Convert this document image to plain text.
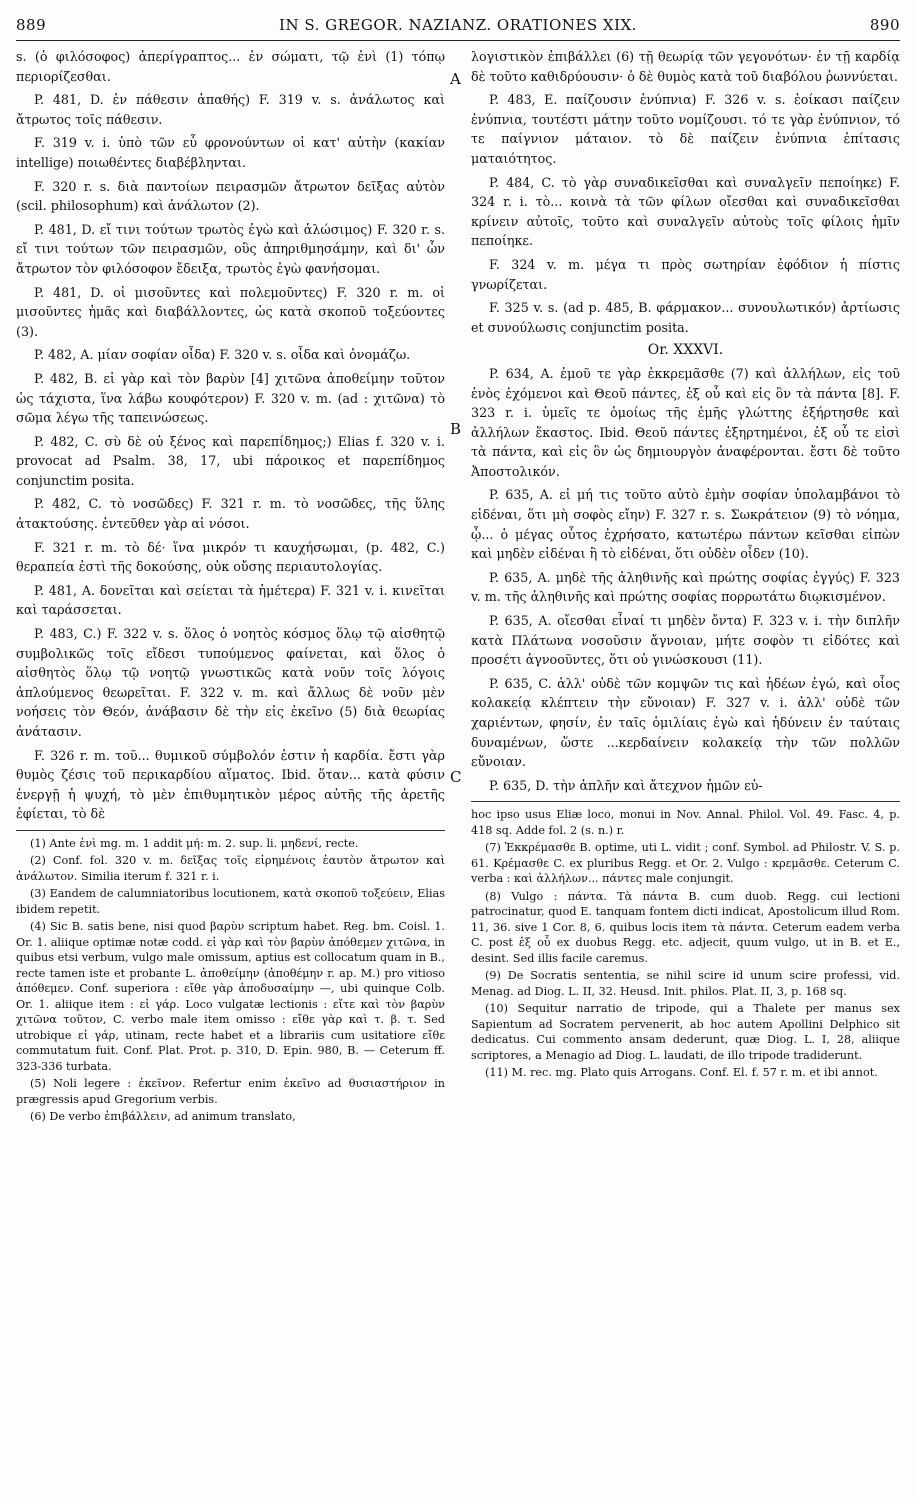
889	IN S. GREGOR. NAZIANZ. ORATIONES XIX.	890
A
B
C

s. (ὁ φιλόσοφος) ἀπερίγραπτος... ἐν σώματι, τῷ ἐνὶ (1) τόπῳ περιορίζεσθαι.

P. 481, D. ἐν πάθεσιν ἀπαθής) F. 319 v. s. ἀνάλωτος καὶ ἄτρωτος τοῖς πάθεσιν.

F. 319 v. i. ὑπὸ τῶν εὖ φρονούντων οἱ κατ' αὐτὴν (κακίαν intellige) ποιωθέντες διαβέβληνται.

F. 320 r. s. διὰ παντοίων πειρασμῶν ἄτρωτον δεῖξας αὐτὸν (scil. philosophum) καὶ ἀνάλωτον (2).

P. 481, D. εἴ τινι τούτων τρωτὸς ἐγὼ καὶ ἁλώσιμος) F. 320 r. s. εἴ τινι τούτων τῶν πειρασμῶν, οὓς ἀπηριθμησάμην, καὶ δι' ὧν ἄτρωτον τὸν φιλόσοφον ἔδειξα, τρωτὸς ἐγὼ φανήσομαι.

P. 481, D. οἱ μισοῦντες καὶ πολεμοῦντες) F. 320 r. m. οἱ μισοῦντες ἡμᾶς καὶ διαβάλλοντες, ὡς κατὰ σκοποῦ τοξεύοντες (3).

P. 482, A. μίαν σοφίαν οἶδα) F. 320 v. s. οἶδα καὶ ὀνομάζω.

P. 482, B. εἰ γὰρ καὶ τὸν βαρὺν [4] χιτῶνα ἀποθείμην τοῦτον ὡς τάχιστα, ἵνα λάβω κουφότερον) F. 320 v. m. (ad : χιτῶνα) τὸ σῶμα λέγω τῆς ταπεινώσεως.

P. 482, C. σὺ δὲ οὐ ξένος καὶ παρεπίδημος;) Elias f. 320 v. i. provocat ad Psalm. 38, 17, ubi πάροικος et παρεπίδημος conjunctim posita.

P. 482, C. τὸ νοσῶδες) F. 321 r. m. τὸ νοσῶδες, τῆς ὕλης ἀτακτούσης. ἐντεῦθεν γὰρ αἱ νόσοι.

F. 321 r. m. τὸ δέ· ἵνα μικρόν τι καυχήσωμαι, (p. 482, C.) θεραπεία ἐστὶ τῆς δοκούσης, οὐκ οὔσης περιαυτολογίας.

P. 481, A. δονεῖται καὶ σείεται τὰ ἡμέτερα) F. 321 v. i. κινεῖται καὶ ταράσσεται.

P. 483, C.) F. 322 v. s. ὅλος ὁ νοητὸς κόσμος ὅλῳ τῷ αἰσθητῷ συμβολικῶς τοῖς εἴδεσι τυπούμενος φαίνεται, καὶ ὅλος ὁ αἰσθητὸς ὅλῳ τῷ νοητῷ γνωστικῶς κατὰ νοῦν τοῖς λόγοις ἁπλούμενος θεωρεῖται. F. 322 v. m. καὶ ἄλλως δὲ νοῦν μὲν νοήσεις τὸν Θεόν, ἀνάβασιν δὲ τὴν εἰς ἐκεῖνο (5) διὰ θεωρίας ἀνάτασιν.

F. 326 r. m. τοῦ... θυμικοῦ σύμβολόν ἐστιν ἡ καρδία. ἔστι γὰρ θυμὸς ζέσις τοῦ περικαρδίου αἵματος. Ibid. ὅταν... κατὰ φύσιν ἐνεργῇ ἡ ψυχή, τὸ μὲν ἐπιθυμητικὸν μέρος αὐτῆς τῆς ἀρετῆς ἐφίεται, τὸ δὲ

(1) Ante ἐνὶ mg. m. 1 addit μή: m. 2. sup. li. μηδενί, recte.
(2) Conf. fol. 320 v. m. δεῖξας τοῖς εἰρημένοις ἑαυτὸν ἄτρωτον καὶ ἀνάλωτον. Similia iterum f. 321 r. i.
(3) Eandem de calumniatoribus locutionem, κατὰ σκοποῦ τοξεύειν, Elias ibidem repetit.
(4) Sic B. satis bene, nisi quod βαρὺν scriptum habet. Reg. bm. Coisl. 1. Or. 1. aliique optimæ notæ codd. εἰ γὰρ καὶ τὸν βαρὺν ἀπόθεμεν χιτῶνα, in quibus etsi verbum, vulgo male omissum, aptius est collocatum quam in B., recte tamen iste et probante L. ἀποθείμην (ἀποθέμην r. ap. M.) pro vitioso ἀπόθεμεν. Conf. superiora : εἴθε γὰρ ἀποδυσαίμην —, ubi quinque Colb. Or. 1. aliique item : εἰ γάρ. Loco vulgatæ lectionis : εἴτε καὶ τὸν βαρὺν χιτῶνα τοῦτον, C. verbo male item omisso : εἴθε γὰρ καὶ τ. β. τ. Sed utrobique εἰ γάρ, utinam, recte habet et a librariis cum usitatiore εἴθε commutatum fuit. Conf. Plat. Prot. p. 310, D. Epin. 980, B. — Ceterum ff. 323-336 turbata.
(5) Noli legere : ἐκεῖνον. Refertur enim ἐκεῖνο ad θυσιαστήριον in prægressis apud Gregorium verbis.
(6) De verbo ἐπιβάλλειν, ad animum translato,

λογιστικὸν ἐπιβάλλει (6) τῇ θεωρίᾳ τῶν γεγονότων· ἐν τῇ καρδίᾳ δὲ τοῦτο καθιδρύουσιν· ὁ δὲ θυμὸς κατὰ τοῦ διαβόλου ῥωννύεται.

P. 483, E. παίζουσιν ἐνύπνια) F. 326 v. s. ἐοίκασι παίζειν ἐνύπνια, τουτέστι μάτην τοῦτο νομίζουσι. τό τε γὰρ ἐνύπνιον, τό τε παίγνιον μάταιον. τὸ δὲ παίζειν ἐνύπνια ἐπίτασις ματαιότητος.

P. 484, C. τὸ γὰρ συναδικεῖσθαι καὶ συναλγεῖν πεποίηκε) F. 324 r. i. τὸ... κοινὰ τὰ τῶν φίλων οἴεσθαι καὶ συναδικεῖσθαι κρίνειν αὐτοῖς, τοῦτο καὶ συναλγεῖν αὐτοὺς τοῖς φίλοις ἡμῖν πεποίηκε.

F. 324 v. m. μέγα τι πρὸς σωτηρίαν ἐφόδιον ἡ πίστις γνωρίζεται.

F. 325 v. s. (ad p. 485, B. φάρμακον... συνουλωτικόν) ἀρτίωσις et συνούλωσις conjunctim posita.

Or. XXXVI.

P. 634, A. ἐμοῦ τε γὰρ ἐκκρεμᾶσθε (7) καὶ ἀλλήλων, εἰς τοῦ ἑνὸς ἐχόμενοι καὶ Θεοῦ πάντες, ἐξ οὗ καὶ εἰς ὃν τὰ πάντα [8]. F. 323 r. i. ὑμεῖς τε ὁμοίως τῆς ἐμῆς γλώττης ἐξήρτησθε καὶ ἀλλήλων ἕκαστος. Ibid. Θεοῦ πάντες ἐξηρτημένοι, ἐξ οὗ τε εἰσὶ τὰ πάντα, καὶ εἰς ὃν ὡς δημιουργὸν ἀναφέρονται. ἔστι δὲ τοῦτο Ἀποστολικόν.

P. 635, A. εἰ μή τις τοῦτο αὐτὸ ἐμὴν σοφίαν ὑπολαμβάνοι τὸ εἰδέναι, ὅτι μὴ σοφὸς εἴην) F. 327 r. s. Σωκράτειον (9) τὸ νόημα, ᾧ... ὁ μέγας οὗτος ἐχρήσατο, κατωτέρω πάντων κεῖσθαι εἰπὼν καὶ μηδὲν εἰδέναι ἢ τὸ εἰδέναι, ὅτι οὐδὲν οἶδεν (10).

P. 635, A. μηδὲ τῆς ἀληθινῆς καὶ πρώτης σοφίας ἐγγύς) F. 323 v. m. τῆς ἀληθινῆς καὶ πρώτης σοφίας πορρωτάτω διῳκισμένον.

P. 635, A. οἴεσθαι εἶναί τι μηδὲν ὄντα) F. 323 v. i. τὴν διπλῆν κατὰ Πλάτωνα νοσοῦσιν ἄγνοιαν, μήτε σοφὸν τι εἰδότες καὶ προσέτι ἀγνοοῦντες, ὅτι οὐ γινώσκουσι (11).

P. 635, C. ἀλλ' οὐδὲ τῶν κομψῶν τις καὶ ἡδέων ἐγώ, καὶ οἷος κολακείᾳ κλέπτειν τὴν εὔνοιαν) F. 327 v. i. ἀλλ' οὐδὲ τῶν χαριέντων, φησίν, ἐν ταῖς ὁμιλίαις ἐγὼ καὶ ἡδύνειν ἐν ταύταις δυναμένων, ὥστε ...κερδαίνειν κολακείᾳ τὴν τῶν πολλῶν εὔνοιαν.

P. 635, D. τὴν ἁπλῆν καὶ ἄτεχνον ἡμῶν εὐ-

hoc ipso usus Eliæ loco, monui in Nov. Annal. Philol. Vol. 49. Fasc. 4, p. 418 sq. Adde fol. 2 (s. n.) r.
(7) Ἐκκρέμασθε B. optime, uti L. vidit ; conf. Symbol. ad Philostr. V. S. p. 61. Κρέμασθε C. ex pluribus Regg. et Or. 2. Vulgo : κρεμᾶσθε. Ceterum C. verba : καὶ ἀλλήλων... πάντες male conjungit.
(8) Vulgo : πάντα. Τὰ πάντα B. cum duob. Regg. cui lectioni patrocinatur, quod E. tanquam fontem dicti indicat, Apostolicum illud Rom. 11, 36. sive 1 Cor. 8, 6. quibus locis item τὰ πάντα. Ceterum eadem verba C. post ἐξ οὗ ex duobus Regg. etc. adjecit, quum vulgo, ut in B. et E., desint. Sed illis facile caremus.
(9) De Socratis sententia, se nihil scire id unum scire professi, vid. Menag. ad Diog. L. II, 32. Heusd. Init. philos. Plat. II, 3, p. 168 sq.
(10) Sequitur narratio de tripode, qui a Thalete per manus sex Sapientum ad Socratem pervenerit, ab hoc autem Apollini Delphico sit dedicatus. Cui commento ansam dederunt, quæ Diog. L. I, 28, aliique scriptores, a Menagio ad Diog. L. laudati, de illo tripode tradiderunt.
(11) M. rec. mg. Plato quis Arrogans. Conf. El. f. 57 r. m. et ibi annot.
